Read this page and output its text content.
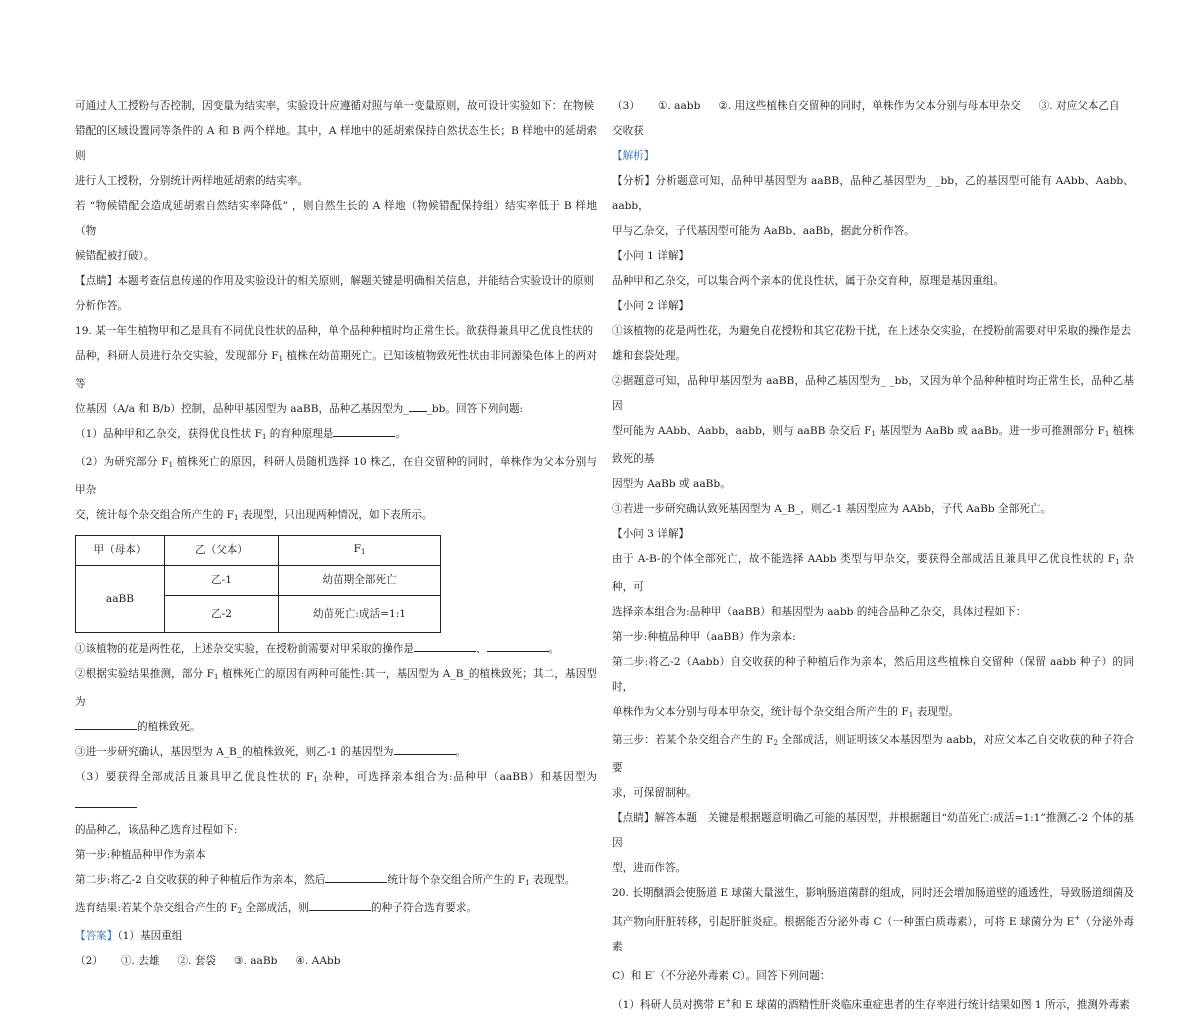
可通过人工授粉与否控制，因变量为结实率，实验设计应遵循对照与单一变量原则，故可设计实验如下：在物候

错配的区域设置同等条件的 A 和 B 两个样地。其中，A 样地中的延胡索保持自然状态生长；B 样地中的延胡索则

进行人工授粉，分别统计两样地延胡索的结实率。

若 “物候错配会造成延胡索自然结实率降低” ，则自然生长的 A 样地（物候错配保持组）结实率低于 B 样地（物

候错配被打破）。

【点睛】本题考查信息传递的作用及实验设计的相关原则，解题关键是明确相关信息，并能结合实验设计的原则

分析作答。

19. 某一年生植物甲和乙是具有不同优良性状的品种，单个品种种植时均正常生长。欲获得兼具甲乙优良性状的

品种，科研人员进行杂交实验，发现部分 $F_1$ 植株在幼苗期死亡。已知该植物致死性状由非同源染色体上的两对等

位基因（A/a 和 B/b）控制，品种甲基因型为 aaBB，品种乙基因型为_ _bb。回答下列问题:

（1）品种甲和乙杂交，获得优良性状 $F_1$ 的育种原理是	。

（2）为研究部分 $F_1$ 植株死亡的原因，科研人员随机选择 10 株乙，在自交留种的同时，单株作为父本分别与甲杂

交，统计每个杂交组合所产生的 $F_1$ 表现型，只出现两种情况，如下表所示。

甲（母本）	乙（父本）	$F_1$
aaBB	乙-1	幼苗期全部死亡
	乙-2	幼苗死亡:成活=1:1

①该植物的花是两性花，上述杂交实验，在授粉前需要对甲采取的操作是	、	。

②根据实验结果推测，部分 $F_1$ 植株死亡的原因有两种可能性:其一，基因型为 A_B_的植株致死；其二，基因型为

的植株致死。

③进一步研究确认，基因型为 A_B_的植株致死，则乙-1 的基因型为	。

（3）要获得全部成活且兼具甲乙优良性状的 $F_1$ 杂种，可选择亲本组合为:品种甲（aaBB）和基因型为

的品种乙，该品种乙选育过程如下:

第一步:种植品种甲作为亲本

第二步:将乙-2 自交收获的种子种植后作为亲本，然后	统计每个杂交组合所产生的 $F_1$ 表现型。

选育结果:若某个杂交组合产生的 $F_2$ 全部成活，则	的种子符合选育要求。

【答案】（1）基因重组

（2） ①. 去雄 ②. 套袋 ③. aaBb ④. AAbb

（3） ①. aabb ②. 用这些植株自交留种的同时，单株作为父本分别与母本甲杂交 ③. 对应父本乙自

交收获

【解析】

【分析】分析题意可知，品种甲基因型为 aaBB，品种乙基因型为_ _bb，乙的基因型可能有 AAbb、Aabb、aabb，

甲与乙杂交，子代基因型可能为 AaBb、aaBb，据此分析作答。

【小问 1 详解】

品种甲和乙杂交，可以集合两个亲本的优良性状，属于杂交育种，原理是基因重组。

【小问 2 详解】

①该植物的花是两性花，为避免自花授粉和其它花粉干扰，在上述杂交实验，在授粉前需要对甲采取的操作是去

雄和套袋处理。

②据题意可知，品种甲基因型为 aaBB，品种乙基因型为_ _bb，又因为单个品种种植时均正常生长，品种乙基因

型可能为 AAbb、Aabb，aabb，则与 aaBB 杂交后 $F_1$ 基因型为 AaBb 或 aaBb。进一步可推测部分 $F_1$ 植株致死的基

因型为 AaBb 或 aaBb。

③若进一步研究确认致死基因型为 A_B_，则乙-1 基因型应为 AAbb，子代 AaBb 全部死亡。

【小问 3 详解】

由于 A-B-的个体全部死亡，故不能选择 AAbb 类型与甲杂交，要获得全部成活且兼具甲乙优良性状的 $F_1$ 杂种，可

选择亲本组合为:品种甲（aaBB）和基因型为 aabb 的纯合品种乙杂交，具体过程如下：

第一步:种植品种甲（aaBB）作为亲本:

第二步:将乙-2（Aabb）自交收获的种子种植后作为亲本，然后用这些植株自交留种（保留 aabb 种子）的同时，

单株作为父本分别与母本甲杂交，统计每个杂交组合所产生的 $F_1$ 表现型。

第三步：若某个杂交组合产生的 $F_2$ 全部成活，则证明该父本基因型为 aabb，对应父本乙自交收获的种子符合要

求，可保留制种。

【点睛】解答本题　关键是根据题意明确乙可能的基因型，并根据题目“幼苗死亡:成活=1:1”推测乙-2 个体的基因

型，进而作答。

20. 长期酗酒会使肠道 E 球菌大量滋生，影响肠道菌群的组成，同时还会增加肠道壁的通透性，导致肠道细菌及

其产物向肝脏转移，引起肝脏炎症。根据能否分泌外毒 C（一种蛋白质毒素），可将 E 球菌分为 E+（分泌外毒素

C）和 E-（不分泌外毒素 C）。回答下列问题：

（1）科研人员对携带 E+和 E 球菌的酒精性肝炎临床重症患者的生存率进行统计结果如图 1 所示，推测外毒素
